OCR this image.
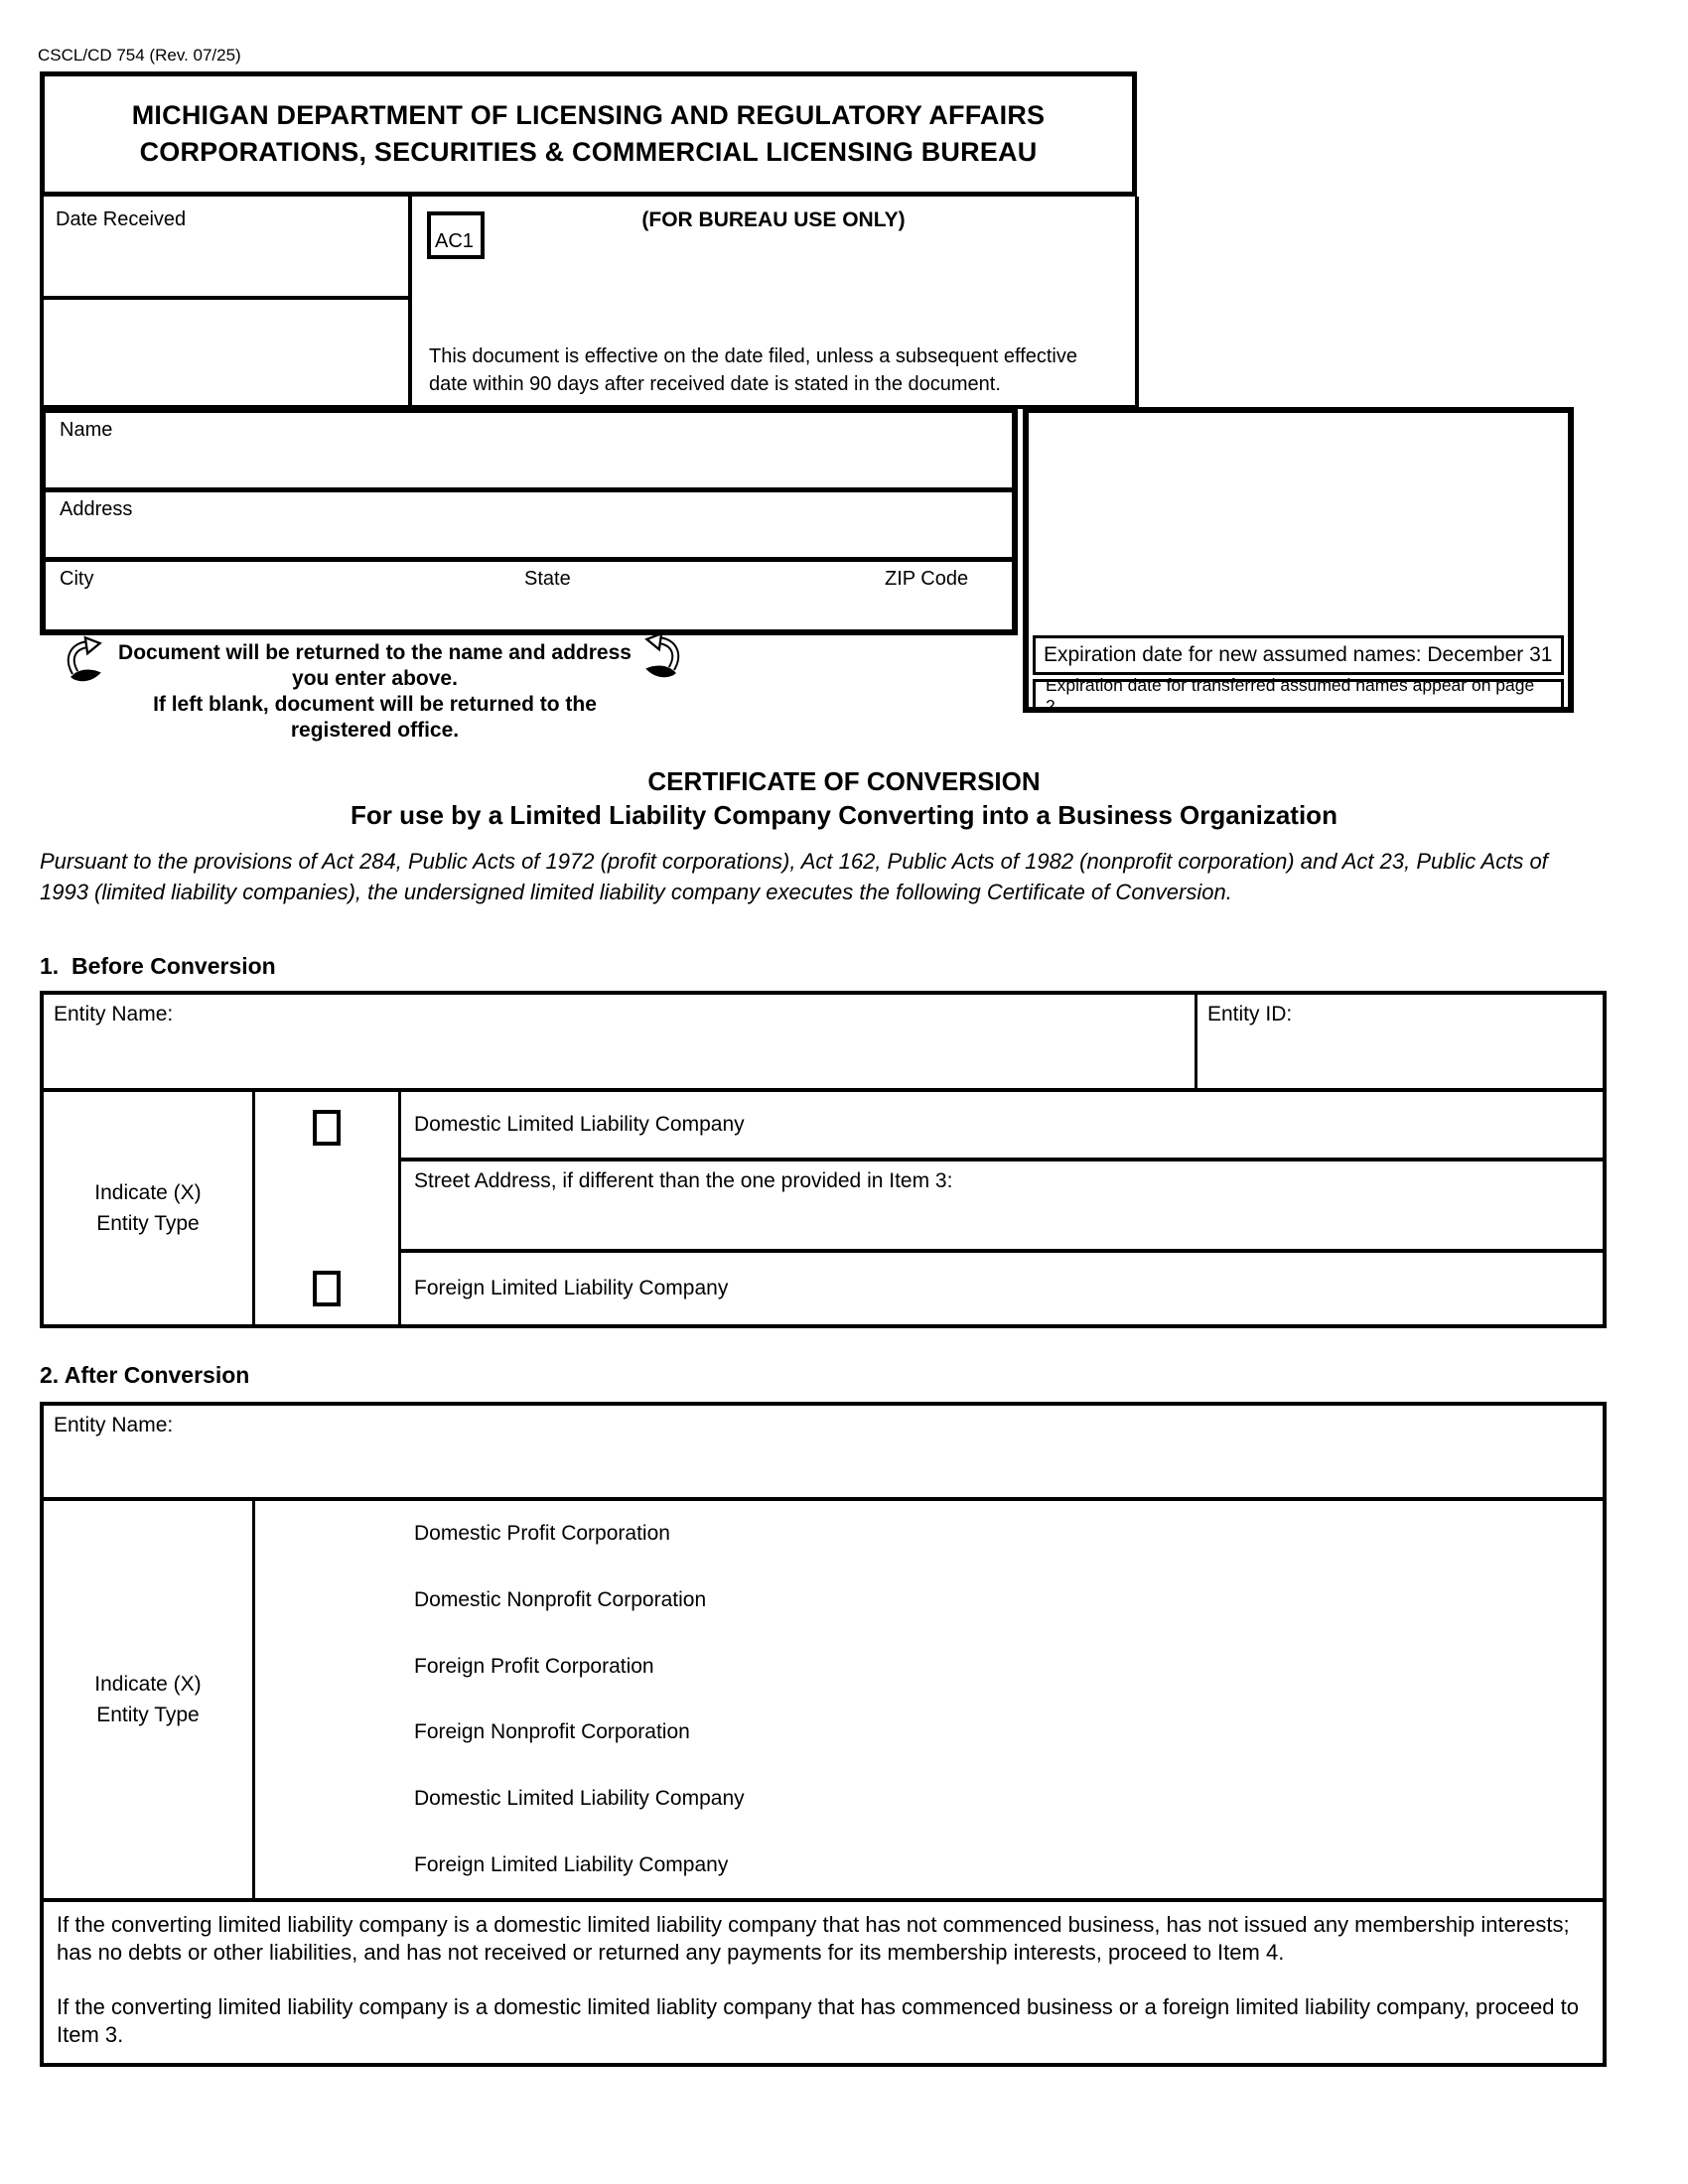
CSCL/CD 754 (Rev. 07/25)
MICHIGAN DEPARTMENT OF LICENSING AND REGULATORY AFFAIRS
CORPORATIONS, SECURITIES & COMMERCIAL LICENSING BUREAU
Date Received
AC1
(FOR BUREAU USE ONLY)
This document is effective on the date filed, unless a subsequent effective date within 90 days after received date is stated in the document.
Name
Address
City	State	ZIP Code
Expiration date for new assumed names: December 31
Expiration date for transferred assumed names appear on page 2.
Document will be returned to the name and address you enter above.
If left blank, document will be returned to the registered office.
CERTIFICATE OF CONVERSION
For use by a Limited Liability Company Converting into a Business Organization
Pursuant to the provisions of Act 284, Public Acts of 1972 (profit corporations), Act 162, Public Acts of 1982 (nonprofit corporation) and Act 23, Public Acts of 1993 (limited liability companies), the undersigned limited liability company executes the following Certificate of Conversion.
1.  Before Conversion
Entity Name:	Entity ID:
Indicate (X)
Entity Type
Domestic Limited Liability Company
Street Address, if different than the one provided in Item 3:
Foreign Limited Liability Company
2. After Conversion
Entity Name:
Indicate (X)
Entity Type
Domestic Profit Corporation
Domestic Nonprofit Corporation
Foreign Profit Corporation
Foreign Nonprofit Corporation
Domestic Limited Liability Company
Foreign Limited Liability Company
If the converting limited liability company is a domestic limited liability company that has not commenced business, has not issued any membership interests; has no debts or other liabilities, and has not received or returned any payments for its membership interests, proceed to Item 4.
If the converting limited liability company is a domestic limited liablity company that has commenced business or a foreign limited liability company, proceed to Item 3.
